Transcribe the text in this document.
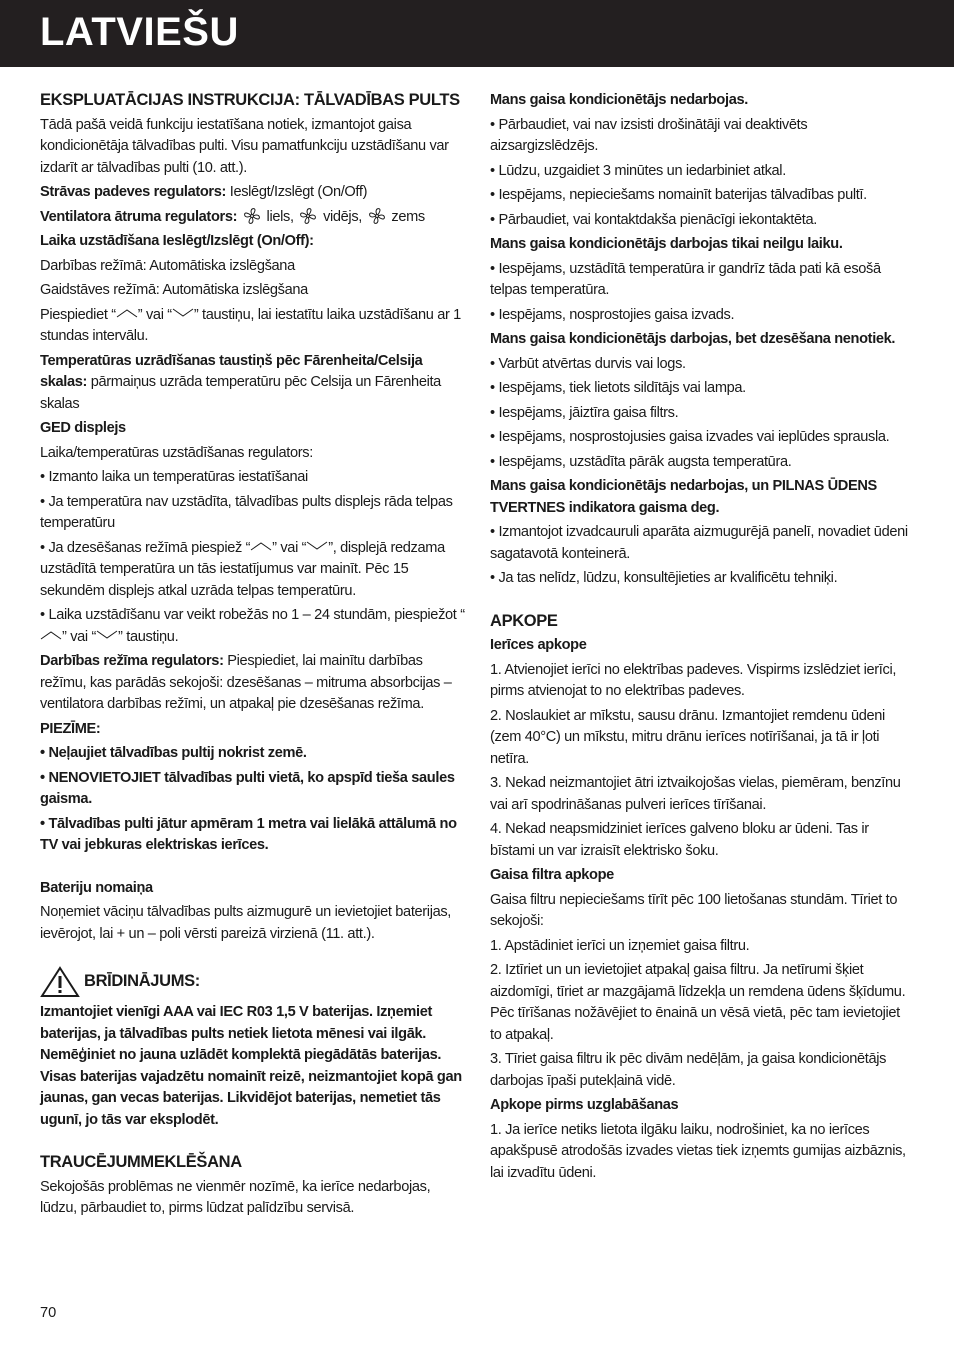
LATVIEŠU

EKSPLUATĀCIJAS INSTRUKCIJA: TĀLVADĪBAS PULTS

Tādā pašā veidā funkciju iestatīšana notiek, izmantojot gaisa kondicionētāja tālvadības pulti. Visu pamatfunkciju uzstādīšanu var izdarīt ar tālvadības pulti (10. att.).

Strāvas padeves regulators: Ieslēgt/Izslēgt (On/Off)

Ventilatora ātruma regulators:  liels,  vidējs,  zems

Laika uzstādīšana Ieslēgt/Izslēgt (On/Off):

Darbības režīmā: Automātiska izslēgšana

Gaidstāves režīmā: Automātiska izslēgšana

Piespiediet “ ” vai “ ” taustiņu, lai iestatītu laika uzstādīšanu ar 1 stundas intervālu.

Temperatūras uzrādīšanas taustiņš pēc Fārenheita/Celsija skalas: pārmaiņus uzrāda temperatūru pēc Celsija un Fārenheita skalas

GED displejs

Laika/temperatūras uzstādīšanas regulators:

• Izmanto laika un temperatūras iestatīšanai

• Ja temperatūra nav uzstādīta, tālvadības pults displejs rāda telpas temperatūru

• Ja dzesēšanas režīmā piespiež “ ” vai “ ”, displejā redzama uzstādītā temperatūra un tās iestatījumus var mainīt. Pēc 15 sekundēm displejs atkal uzrāda telpas temperatūru.

• Laika uzstādīšanu var veikt robežās no 1 – 24 stundām, piespiežot “” vai “ ” taustiņu.

Darbības režīma regulators: Piespiediet, lai mainītu darbības režīmu, kas parādās sekojoši: dzesēšanas – mitruma absorbcijas – ventilatora darbības režīmi, un atpakaļ pie dzesēšanas režīma.

PIEZĪME:

• Neļaujiet tālvadības pultij nokrist zemē.

• NENOVIETOJIET tālvadības pulti vietā, ko apspīd tieša saules gaisma.

• Tālvadības pulti jātur apmēram 1 metra vai lielākā attālumā no TV vai jebkuras elektriskas ierīces.

Bateriju nomaiņa

Noņemiet vāciņu tālvadības pults aizmugurē un ievietojiet baterijas, ievērojot, lai + un – poli vērsti pareizā virzienā (11. att.).

BRĪDINĀJUMS:

Izmantojiet vienīgi AAA vai IEC R03 1,5 V baterijas. Izņemiet baterijas, ja tālvadības pults netiek lietota mēnesi vai ilgāk. Nemēģiniet no jauna uzlādēt komplektā piegādātās baterijas. Visas baterijas vajadzētu nomainīt reizē, neizmantojiet kopā gan jaunas, gan vecas baterijas. Likvidējot baterijas, nemetiet tās ugunī, jo tās var eksplodēt.

TRAUCĒJUMMEKLĒŠANA

Sekojošās problēmas ne vienmēr nozīmē, ka ierīce nedarbojas, lūdzu, pārbaudiet to, pirms lūdzat palīdzību servisā.

Mans gaisa kondicionētājs nedarbojas.

• Pārbaudiet, vai nav izsisti drošinātāji vai deaktivēts aizsargizslēdzējs.

• Lūdzu, uzgaidiet 3 minūtes un iedarbiniet atkal.

• Iespējams, nepieciešams nomainīt baterijas tālvadības pultī.

• Pārbaudiet, vai kontaktdakša pienācīgi iekontaktēta.

Mans gaisa kondicionētājs darbojas tikai neilgu laiku.

• Iespējams, uzstādītā temperatūra ir gandrīz tāda pati kā esošā telpas temperatūra.

• Iespējams, nosprostojies gaisa izvads.

Mans gaisa kondicionētājs darbojas, bet dzesēšana nenotiek.

• Varbūt atvērtas durvis vai logs.

• Iespējams, tiek lietots sildītājs vai lampa.

• Iespējams, jāiztīra gaisa filtrs.

• Iespējams, nosprostojusies gaisa izvades vai ieplūdes sprausla.

• Iespējams, uzstādīta pārāk augsta temperatūra.

Mans gaisa kondicionētājs nedarbojas, un PILNAS ŪDENS TVERTNES indikatora gaisma deg.

• Izmantojot izvadcauruli aparāta aizmugurējā panelī, novadiet ūdeni sagatavotā konteinerā.

• Ja tas nelīdz, lūdzu, konsultējieties ar kvalificētu tehniķi.

APKOPE

Ierīces apkope

1. Atvienojiet ierīci no elektrības padeves. Vispirms izslēdziet ierīci, pirms atvienojat to no elektrības padeves.

2. Noslaukiet ar mīkstu, sausu drānu. Izmantojiet remdenu ūdeni (zem 40°C) un mīkstu, mitru drānu ierīces notīrīšanai, ja tā ir ļoti netīra.

3. Nekad neizmantojiet ātri iztvaikojošas vielas, piemēram, benzīnu vai arī spodrināšanas pulveri ierīces tīrīšanai.

4. Nekad neapsmidziniet ierīces galveno bloku ar ūdeni. Tas ir bīstami un var izraisīt elektrisko šoku.

Gaisa filtra apkope

Gaisa filtru nepieciešams tīrīt pēc 100 lietošanas stundām. Tīriet to sekojoši:

1. Apstādiniet ierīci un izņemiet gaisa filtru.

2. Iztīriet un un ievietojiet atpakaļ gaisa filtru. Ja netīrumi šķiet aizdomīgi, tīriet ar mazgājamā līdzekļa un remdena ūdens šķīdumu. Pēc tīrīšanas nožāvējiet to ēnainā un vēsā vietā, pēc tam ievietojiet to atpakaļ.

3. Tīriet gaisa filtru ik pēc divām nedēļām, ja gaisa kondicionētājs darbojas īpaši putekļainā vidē.

Apkope pirms uzglabāšanas

1. Ja ierīce netiks lietota ilgāku laiku, nodrošiniet, ka no ierīces apakšpusē atrodošās izvades vietas tiek izņemts gumijas aizbāznis, lai izvadītu ūdeni.

70
